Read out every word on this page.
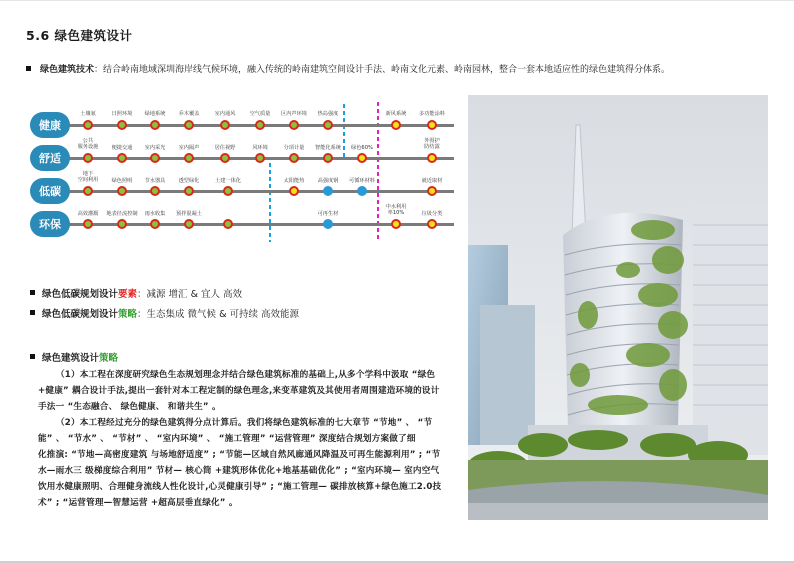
5.6 绿色建筑设计
绿色建筑技术：结合岭南地域深圳海岸线气候环境，融入传统的岭南建筑空间设计手法、岭南文化元素、岭南园林，整合一套本地适应性的绿色建筑得分体系。
健康
舒适
低碳
环保
土壤氡	日照环境 绿地系统	乔木覆盖	室内通风	空气质量 区内声环境 热岛强度	新风系统 多功能涂料
公共
服务设施	便捷交通 室内采光	室内隔声	居住视野	风环境	分项计量 智能化系统 绿色60%
外围护
防结露
地下
空间利用	绿色照明 节水器具	透型绿化	土建一体化	太阳能热	高强度钢 可循环材料	就近取材
高效灌溉 地表径流控制 雨水收集 预拌混凝土	可再生材
中水利用
率10%	垃圾分类
绿色低碳规划设计要素：减源 增汇 & 宜人 高效
绿色低碳规划设计策略：生态集成 微气候 & 可持续 高效能源
绿色建筑设计策略
（1）本工程在深度研究绿色生态规划理念并结合绿色建筑标准的基础上,从多个学科中汲取 “绿色
+健康” 耦合设计手法,提出一套针对本工程定制的绿色理念,来变革建筑及其使用者周围建造环境的设计
手法一 “生态融合、 绿色健康、 和谐共生” 。
（2）本工程经过充分的绿色建筑得分点计算后。我们将绿色建筑标准的七大章节 “节地” 、 “节
能” 、 “节水” 、 “节材” 、 “室内环境” 、 “施工管理” “运营管理” 深度结合规划方案做了细
化推演: “节地—高密度建筑 与场地舒适度” ; “节能—区域自然风廊通风降温及可再生能源利用” ; “节
水—雨水三 级梯度综合利用” 节材— 核心筒 +建筑形体优化+地基基础优化” ; “室内环境— 室内空气
饮用水健康照明、合理健身流线人性化设计,心灵健康引导” ; “施工管理— 碳排放核算+绿色施工2.0技
术” ; “运营管理—智慧运营 +超高层垂直绿化” 。
